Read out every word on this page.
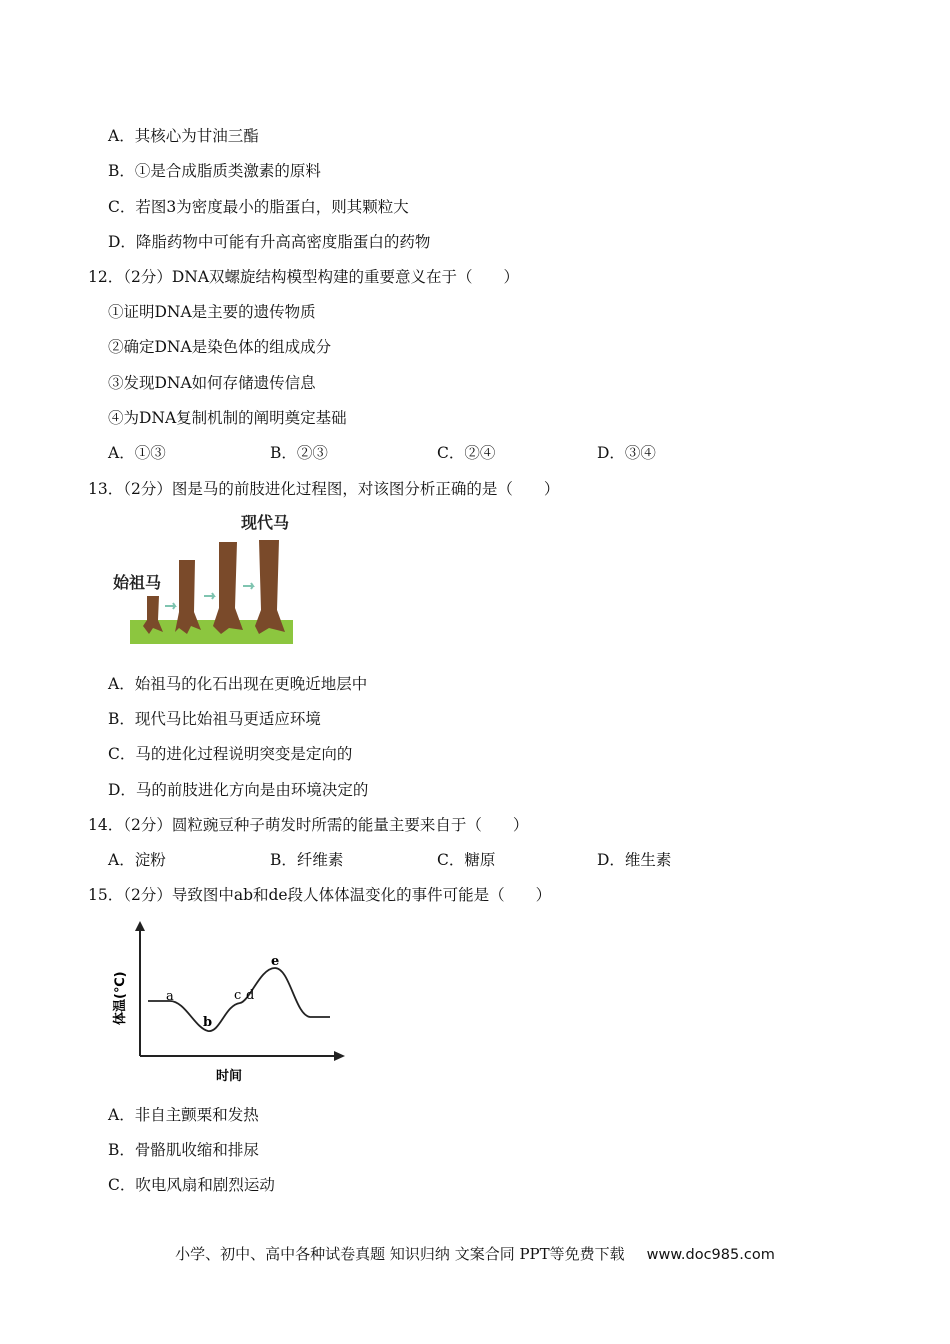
A．其核心为甘油三酯
B．①是合成脂质类激素的原料
C．若图3为密度最小的脂蛋白，则其颗粒大
D．降脂药物中可能有升高高密度脂蛋白的药物
12．（2分）DNA双螺旋结构模型构建的重要意义在于（　　）
①证明DNA是主要的遗传物质
②确定DNA是染色体的组成成分
③发现DNA如何存储遗传信息
④为DNA复制机制的阐明奠定基础
A．①③	B．②③	C．②④	D．③④
13．（2分）图是马的前肢进化过程图，对该图分析正确的是（　　）
现代马
始祖马
A．始祖马的化石出现在更晚近地层中
B．现代马比始祖马更适应环境
C．马的进化过程说明突变是定向的
D．马的前肢进化方向是由环境决定的
14．（2分）圆粒豌豆种子萌发时所需的能量主要来自于（　　）
A．淀粉	B．纤维素	C．糖原	D．维生素
15．（2分）导致图中ab和de段人体体温变化的事件可能是（　　）
a
b
c d
e
体温(℃)
时间
A．非自主颤栗和发热
B．骨骼肌收缩和排尿
C．吹电风扇和剧烈运动
小学、初中、高中各种试卷真题 知识归纳 文案合同 PPT等免费下载 www.doc985.com
